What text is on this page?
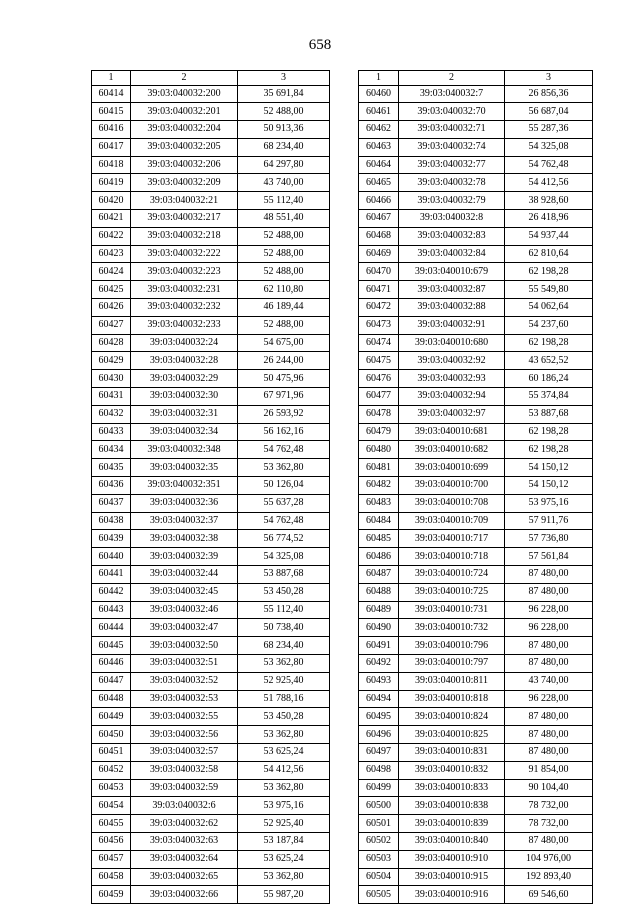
658
1	2	3
60414	39:03:040032:200	35 691,84
60415	39:03:040032:201	52 488,00
60416	39:03:040032:204	50 913,36
60417	39:03:040032:205	68 234,40
60418	39:03:040032:206	64 297,80
60419	39:03:040032:209	43 740,00
60420	39:03:040032:21	55 112,40
60421	39:03:040032:217	48 551,40
60422	39:03:040032:218	52 488,00
60423	39:03:040032:222	52 488,00
60424	39:03:040032:223	52 488,00
60425	39:03:040032:231	62 110,80
60426	39:03:040032:232	46 189,44
60427	39:03:040032:233	52 488,00
60428	39:03:040032:24	54 675,00
60429	39:03:040032:28	26 244,00
60430	39:03:040032:29	50 475,96
60431	39:03:040032:30	67 971,96
60432	39:03:040032:31	26 593,92
60433	39:03:040032:34	56 162,16
60434	39:03:040032:348	54 762,48
60435	39:03:040032:35	53 362,80
60436	39:03:040032:351	50 126,04
60437	39:03:040032:36	55 637,28
60438	39:03:040032:37	54 762,48
60439	39:03:040032:38	56 774,52
60440	39:03:040032:39	54 325,08
60441	39:03:040032:44	53 887,68
60442	39:03:040032:45	53 450,28
60443	39:03:040032:46	55 112,40
60444	39:03:040032:47	50 738,40
60445	39:03:040032:50	68 234,40
60446	39:03:040032:51	53 362,80
60447	39:03:040032:52	52 925,40
60448	39:03:040032:53	51 788,16
60449	39:03:040032:55	53 450,28
60450	39:03:040032:56	53 362,80
60451	39:03:040032:57	53 625,24
60452	39:03:040032:58	54 412,56
60453	39:03:040032:59	53 362,80
60454	39:03:040032:6	53 975,16
60455	39:03:040032:62	52 925,40
60456	39:03:040032:63	53 187,84
60457	39:03:040032:64	53 625,24
60458	39:03:040032:65	53 362,80
60459	39:03:040032:66	55 987,20
1	2	3
60460	39:03:040032:7	26 856,36
60461	39:03:040032:70	56 687,04
60462	39:03:040032:71	55 287,36
60463	39:03:040032:74	54 325,08
60464	39:03:040032:77	54 762,48
60465	39:03:040032:78	54 412,56
60466	39:03:040032:79	38 928,60
60467	39:03:040032:8	26 418,96
60468	39:03:040032:83	54 937,44
60469	39:03:040032:84	62 810,64
60470	39:03:040010:679	62 198,28
60471	39:03:040032:87	55 549,80
60472	39:03:040032:88	54 062,64
60473	39:03:040032:91	54 237,60
60474	39:03:040010:680	62 198,28
60475	39:03:040032:92	43 652,52
60476	39:03:040032:93	60 186,24
60477	39:03:040032:94	55 374,84
60478	39:03:040032:97	53 887,68
60479	39:03:040010:681	62 198,28
60480	39:03:040010:682	62 198,28
60481	39:03:040010:699	54 150,12
60482	39:03:040010:700	54 150,12
60483	39:03:040010:708	53 975,16
60484	39:03:040010:709	57 911,76
60485	39:03:040010:717	57 736,80
60486	39:03:040010:718	57 561,84
60487	39:03:040010:724	87 480,00
60488	39:03:040010:725	87 480,00
60489	39:03:040010:731	96 228,00
60490	39:03:040010:732	96 228,00
60491	39:03:040010:796	87 480,00
60492	39:03:040010:797	87 480,00
60493	39:03:040010:811	43 740,00
60494	39:03:040010:818	96 228,00
60495	39:03:040010:824	87 480,00
60496	39:03:040010:825	87 480,00
60497	39:03:040010:831	87 480,00
60498	39:03:040010:832	91 854,00
60499	39:03:040010:833	90 104,40
60500	39:03:040010:838	78 732,00
60501	39:03:040010:839	78 732,00
60502	39:03:040010:840	87 480,00
60503	39:03:040010:910	104 976,00
60504	39:03:040010:915	192 893,40
60505	39:03:040010:916	69 546,60
